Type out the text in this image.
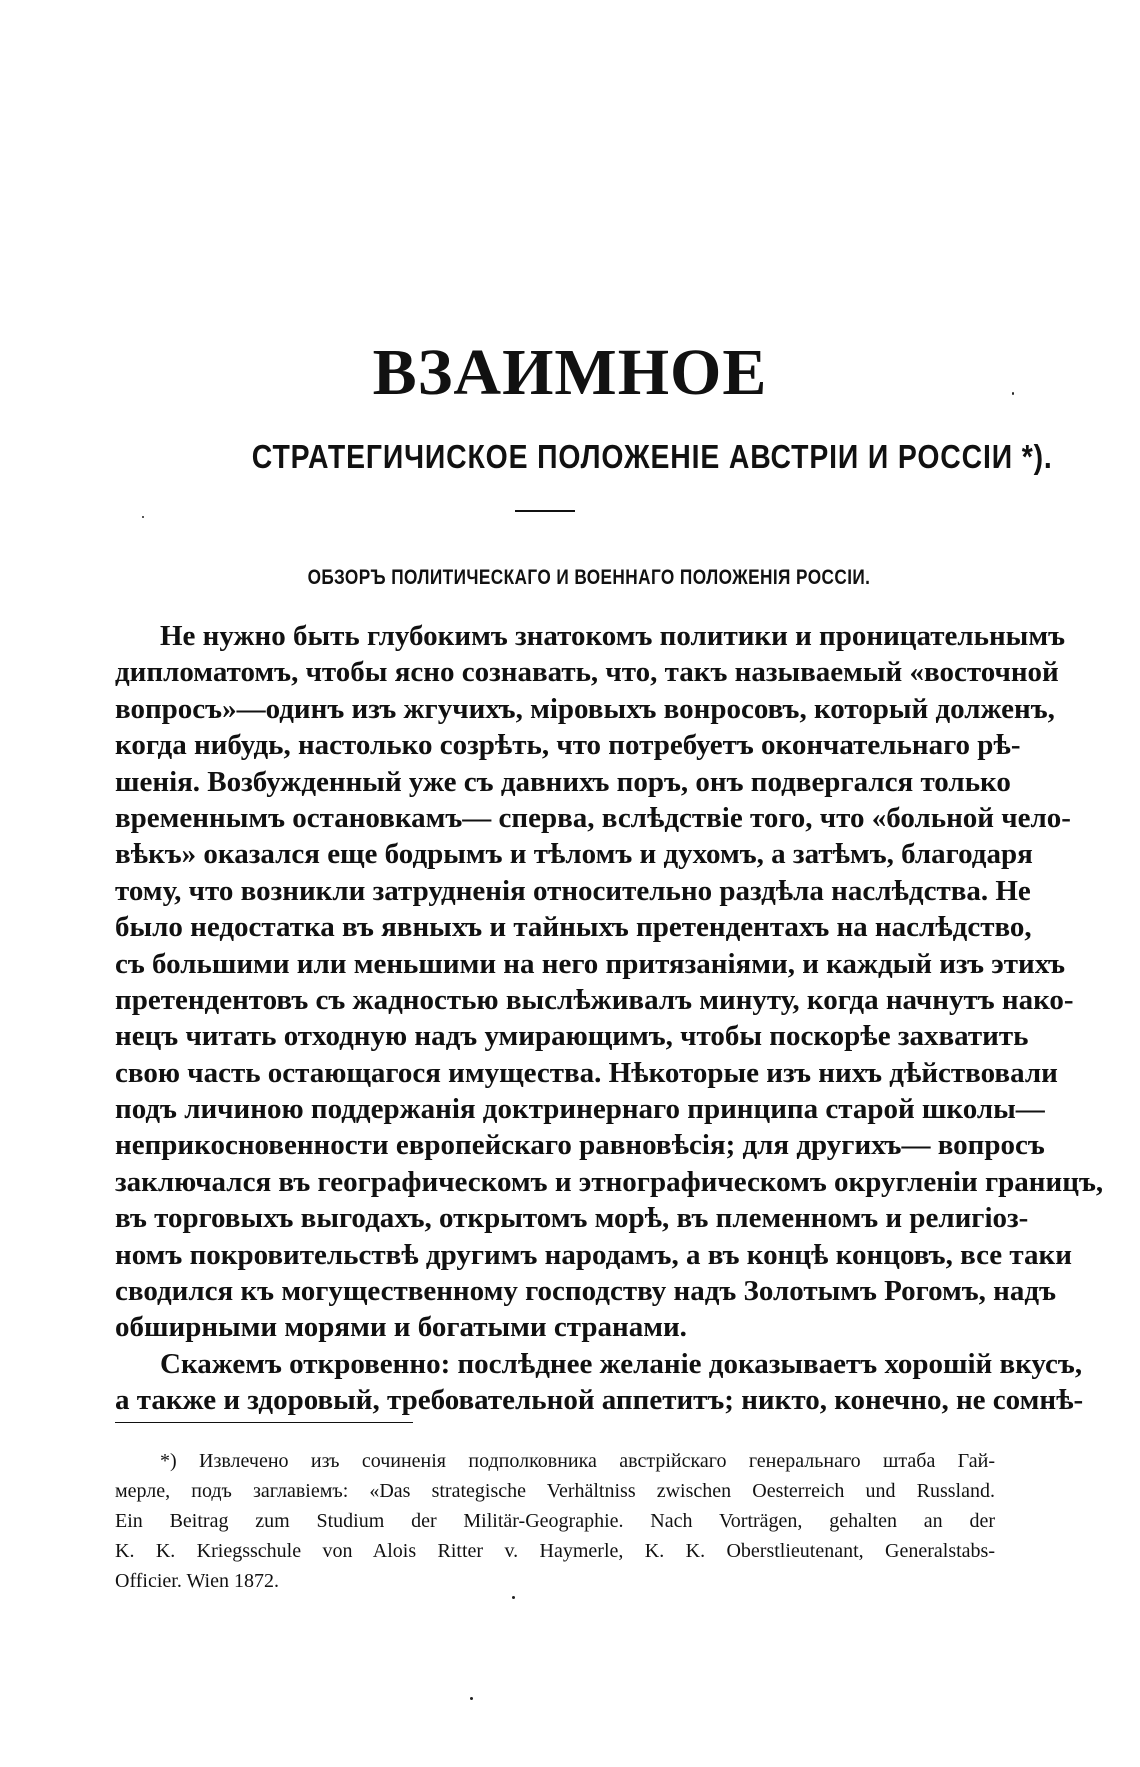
ВЗАИМНОЕ
СТРАТЕГИЧИСКОЕ ПОЛОЖЕНIЕ АВСТРIИ И РОССIИ *).
ОБЗОРЪ ПОЛИТИЧЕСКАГО И ВОЕННАГО ПОЛОЖЕНIЯ РОССIИ.
Не нужно быть глубокимъ знатокомъ политики и проницательнымъ
дипломатомъ, чтобы ясно сознавать, что, такъ называемый «восточной
вопросъ»—одинъ изъ жгучихъ, мiровыхъ вонросовъ, который долженъ,
когда нибудь, настолько созрѣть, что потребуетъ окончательнаго рѣ-
шенiя. Возбужденный уже съ давнихъ поръ, онъ подвергался только
временнымъ остановкамъ— сперва, вслѣдствiе того, что «больной чело-
вѣкъ» оказался еще бодрымъ и тѣломъ и духомъ, а затѣмъ, благодаря
тому, что возникли затрудненiя относительно раздѣла наслѣдства. Не
было недостатка въ явныхъ и тайныхъ претендентахъ на наслѣдство,
съ большими или меньшими на него притязанiями, и каждый изъ этихъ
претендентовъ съ жадностью выслѣживалъ минуту, когда начнутъ нако-
нецъ читать отходную надъ умирающимъ, чтобы поскорѣе захватить
свою часть остающагося имущества. Нѣкоторые изъ нихъ дѣйствовали
подъ личиною поддержанiя доктринернаго принципа старой школы—
неприкосновенности европейскаго равновѣсiя; для другихъ— вопросъ
заключался въ географическомъ и этнографическомъ округленiи границъ,
въ торговыхъ выгодахъ, открытомъ морѣ, въ племенномъ и религiоз-
номъ покровительствѣ другимъ народамъ, а въ концѣ концовъ, все таки
сводился къ могущественному господству надъ Золотымъ Рогомъ, надъ
обширными морями и богатыми странами.
Скажемъ откровенно: послѣднее желанiе доказываетъ хорошiй вкусъ,
а также и здоровый, требовательной аппетитъ; никто, конечно, не сомнѣ-
*) Извлечено изъ сочиненiя подполковника австрiйскаго генеральнаго штаба Гай-
мерле, подъ заглавiемъ: «Das strategische Verhältniss zwischen Oesterreich und Russland.
Ein Beitrag zum Studium der Militär-Geographie. Nach Vorträgen, gehalten an der
K. K. Kriegsschule von Alois Ritter v. Haymerle, K. K. Oberstlieutenant, Generalstabs-
Officier. Wien 1872.
